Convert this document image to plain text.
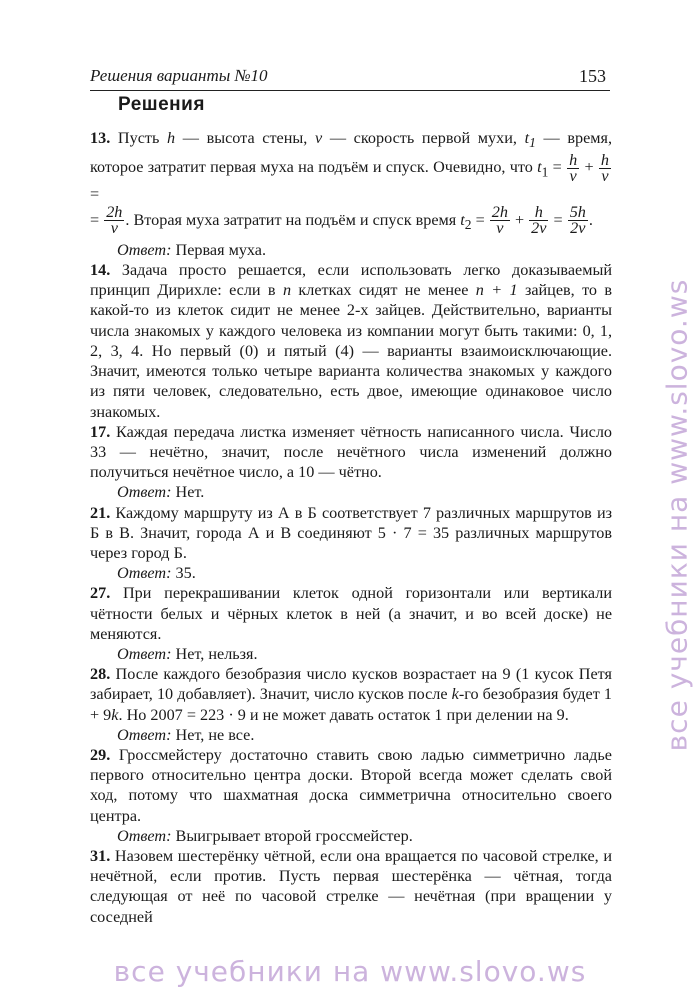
Решения варианты №10	153
Решения

13. Пусть h — высота стены, v — скорость первой мухи, $t_1$ — время, которое затратит первая муха на подъём и спуск. Очевидно, что $t_1 = \frac{h}{v} + \frac{h}{v}$
=

= $\frac{2h}{v}$ . Вторая муха затратит на подъём и спуск время $t_2 = \frac{2h}{v} + \frac{h}{2v} = \frac{5h}{2v}$ .

Ответ: Первая муха.

14. Задача просто решается, если использовать легко доказываемый принцип Дирихле: если в n клетках сидят не менее n + 1 зайцев, то в какой-то из клеток сидит не менее 2-х зайцев. Действительно, варианты числа знакомых у каждого человека из компании могут быть такими: 0, 1, 2, 3, 4. Но первый (0) и пятый (4) — варианты взаимоисключающие. Значит, имеются только четыре варианта количества знакомых у каждого из пяти человек, следовательно, есть двое, имеющие одинаковое число знакомых.

17. Каждая передача листка изменяет чётность написанного числа. Число 33 — нечётно, значит, после нечётного числа изменений должно получиться нечётное число, а 10 — чётно.

Ответ: Нет.

21. Каждому маршруту из А в Б соответствует 7 различных маршрутов из Б в В. Значит, города А и В соединяют 5 · 7 = 35 различных маршрутов через город Б.

Ответ: 35.

27. При перекрашивании клеток одной горизонтали или вертикали чётности белых и чёрных клеток в ней (а значит, и во всей доске) не меняются.

Ответ: Нет, нельзя.

28. После каждого безобразия число кусков возрастает на 9 (1 кусок Петя забирает, 10 добавляет). Значит, число кусков после k-го безобразия будет 1 + 9k. Но 2007 = 223 · 9 и не может давать остаток 1 при делении на 9.

Ответ: Нет, не все.

29. Гроссмейстеру достаточно ставить свою ладью симметрично ладье первого относительно центра доски. Второй всегда может сделать свой ход, потому что шахматная доска симметрична относительно своего центра.

Ответ: Выигрывает второй гроссмейстер.

31. Назовем шестерёнку чётной, если она вращается по часовой стрелке, и нечётной, если против. Пусть первая шестерёнка — чётная, тогда следующая от неё по часовой стрелке — нечётная (при вращении у соседней

все учебники на www.slovo.ws
все учебники на www.slovo.ws
